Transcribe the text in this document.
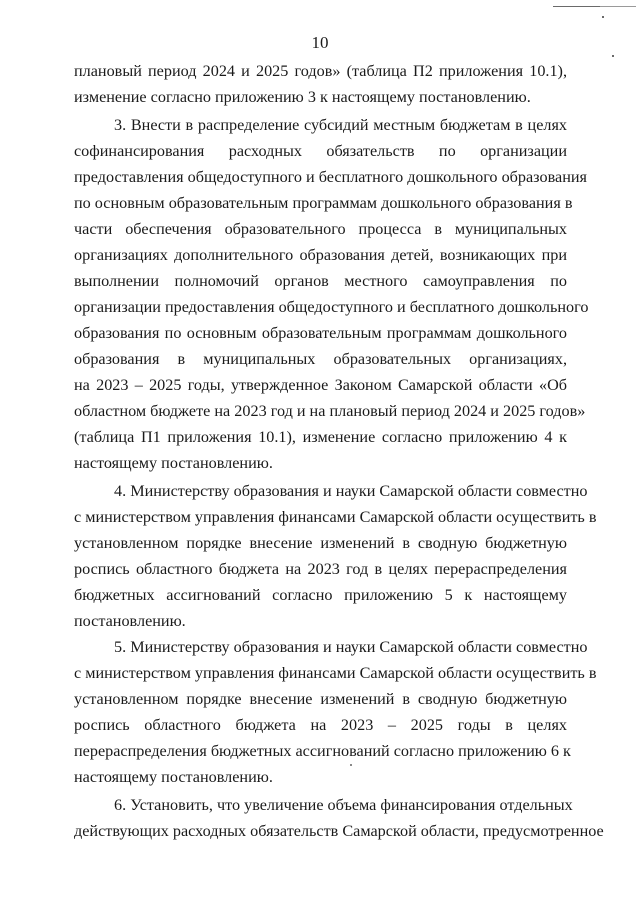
10
плановый период 2024 и 2025 годов» (таблица П2 приложения 10.1),
изменение согласно приложению 3 к настоящему постановлению.
3. Внести в распределение субсидий местным бюджетам в целях
софинансирования расходных обязательств по организации
предоставления общедоступного и бесплатного дошкольного образования
по основным образовательным программам дошкольного образования в
части обеспечения образовательного процесса в муниципальных
организациях дополнительного образования детей, возникающих при
выполнении полномочий органов местного самоуправления по
организации предоставления общедоступного и бесплатного дошкольного
образования по основным образовательным программам дошкольного
образования в муниципальных образовательных организациях,
на 2023 – 2025 годы, утвержденное Законом Самарской области «Об
областном бюджете на 2023 год и на плановый период 2024 и 2025 годов»
(таблица П1 приложения 10.1), изменение согласно приложению 4 к
настоящему постановлению.
4. Министерству образования и науки Самарской области совместно
с министерством управления финансами Самарской области осуществить в
установленном порядке внесение изменений в сводную бюджетную
роспись областного бюджета на 2023 год в целях перераспределения
бюджетных ассигнований согласно приложению 5 к настоящему
постановлению.
5. Министерству образования и науки Самарской области совместно
с министерством управления финансами Самарской области осуществить в
установленном порядке внесение изменений в сводную бюджетную
роспись областного бюджета на 2023 – 2025 годы в целях
перераспределения бюджетных ассигнований согласно приложению 6 к
настоящему постановлению.
6. Установить, что увеличение объема финансирования отдельных
действующих расходных обязательств Самарской области, предусмотренное
